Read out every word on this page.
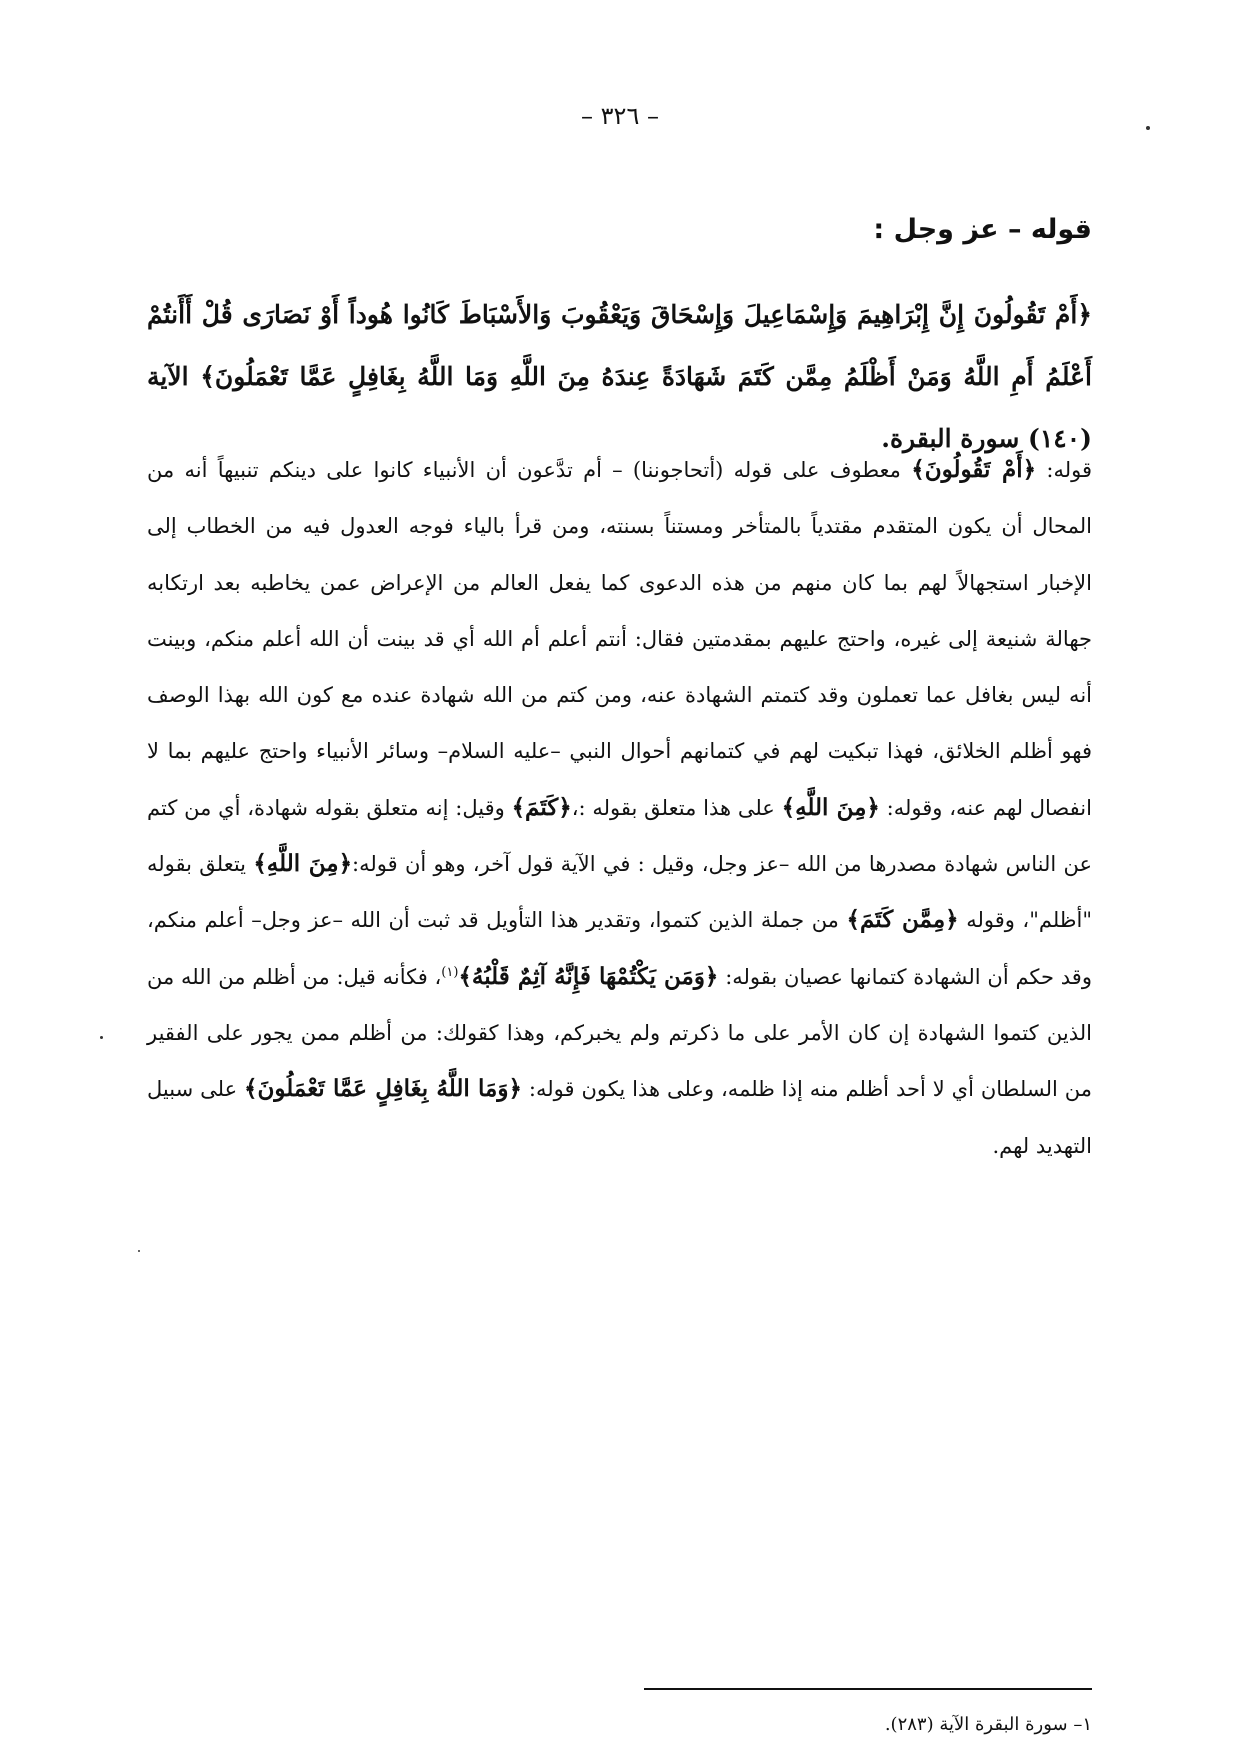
– ٣٢٦ –
قوله – عز وجل :
﴿أَمْ تَقُولُونَ إِنَّ إِبْرَاهِيمَ وَإِسْمَاعِيلَ وَإِسْحَاقَ وَيَعْقُوبَ وَالأَسْبَاطَ كَانُوا هُوداً أَوْ نَصَارَى قُلْ أَأَنتُمْ أَعْلَمُ أَمِ اللَّهُ وَمَنْ أَظْلَمُ مِمَّن كَتَمَ شَهَادَةً عِندَهُ مِنَ اللَّهِ وَمَا اللَّهُ بِغَافِلٍ عَمَّا تَعْمَلُونَ﴾ الآية (١٤٠) سورة البقرة.
قوله: ﴿أَمْ تَقُولُونَ﴾ معطوف على قوله (أتحاجوننا) – أم تدَّعون أن الأنبياء كانوا على دينكم تنبيهاً أنه من المحال أن يكون المتقدم مقتدياً بالمتأخر ومستناً بسنته، ومن قرأ بالياء فوجه العدول فيه من الخطاب إلى الإخبار استجهالاً لهم بما كان منهم من هذه الدعوى كما يفعل العالم من الإعراض عمن يخاطبه بعد ارتكابه جهالة شنيعة إلى غيره، واحتج عليهم بمقدمتين فقال: أنتم أعلم أم الله أي قد بينت أن الله أعلم منكم، وبينت أنه ليس بغافل عما تعملون وقد كتمتم الشهادة عنه، ومن كتم من الله شهادة عنده مع كون الله بهذا الوصف فهو أظلم الخلائق، فهذا تبكيت لهم في كتمانهم أحوال النبي –عليه السلام– وسائر الأنبياء واحتج عليهم بما لا انفصال لهم عنه، وقوله: ﴿مِنَ اللَّهِ﴾ على هذا متعلق بقوله :،﴿كَتَمَ﴾ وقيل: إنه متعلق بقوله شهادة، أي من كتم عن الناس شهادة مصدرها من الله –عز وجل، وقيل : في الآية قول آخر، وهو أن قوله:﴿مِنَ اللَّهِ﴾ يتعلق بقوله "أظلم"، وقوله ﴿مِمَّن كَتَمَ﴾ من جملة الذين كتموا، وتقدير هذا التأويل قد ثبت أن الله –عز وجل– أعلم منكم، وقد حكم أن الشهادة كتمانها عصيان بقوله: ﴿وَمَن يَكْتُمْهَا فَإِنَّهُ آثِمٌ قَلْبُهُ﴾$^{(١)}$، فكأنه قيل: من أظلم من الله من الذين كتموا الشهادة إن كان الأمر على ما ذكرتم ولم يخبركم، وهذا كقولك: من أظلم ممن يجور على الفقير من السلطان أي لا أحد أظلم منه إذا ظلمه، وعلى هذا يكون قوله: ﴿وَمَا اللَّهُ بِغَافِلٍ عَمَّا تَعْمَلُونَ﴾ على سبيل التهديد لهم.
١– سورة البقرة الآية (٢٨٣).
